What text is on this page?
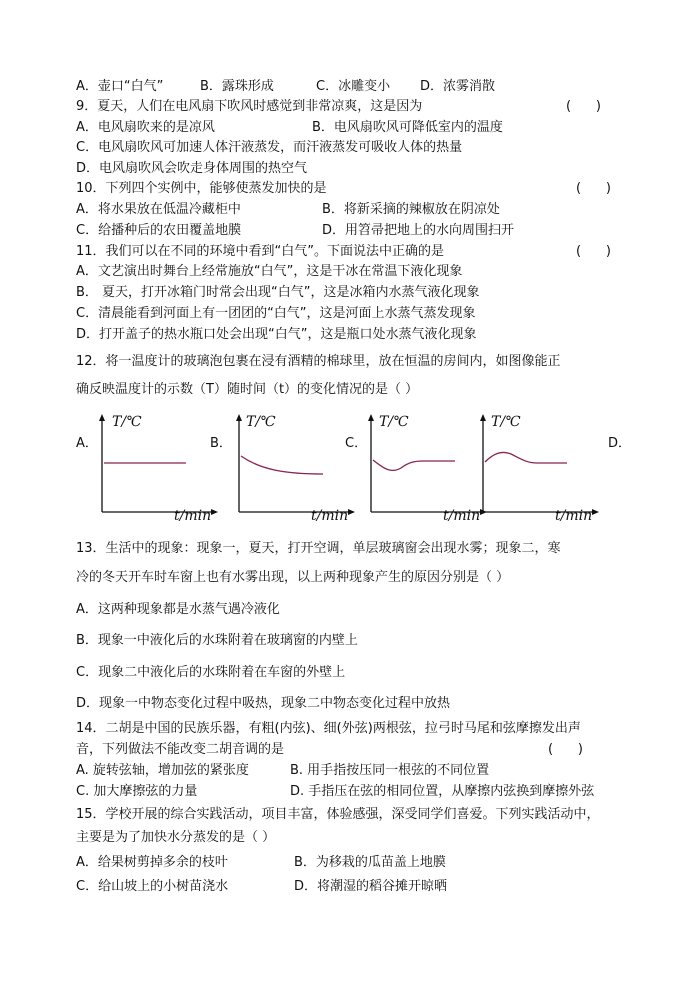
A．壶口“白气”	B．露珠形成	C．冰雕变小 D．浓雾消散
9．夏天，人们在电风扇下吹风时感觉到非常凉爽，这是因为	(      )
A．电风扇吹来的是凉风	B．电风扇吹风可降低室内的温度
C．电风扇吹风可加速人体汗液蒸发，而汗液蒸发可吸收人体的热量
D．电风扇吹风会吹走身体周围的热空气
10．下列四个实例中，能够使蒸发加快的是	(      )
A．将水果放在低温冷藏柜中	B．将新采摘的辣椒放在阴凉处
C．给播种后的农田覆盖地膜	D．用笤帚把地上的水向周围扫开
11．我们可以在不同的环境中看到“白气”。下面说法中正确的是	(      )
A．文艺演出时舞台上经常施放“白气”，这是干冰在常温下液化现象
B． 夏天，打开冰箱门时常会出现“白气”，这是冰箱内水蒸气液化现象
C．清晨能看到河面上有一团团的“白气”，这是河面上水蒸气蒸发现象
D．打开盖子的热水瓶口处会出现“白气”，这是瓶口处水蒸气液化现象
12．将一温度计的玻璃泡包裹在浸有酒精的棉球里，放在恒温的房间内，如图像能正
确反映温度计的示数（T）随时间（t）的变化情况的是（ ）
A．
T/℃
t/min
B．
T/℃
t/min
C．
T/℃
t/min
T/℃
t/min
D．
13．生活中的现象：现象一，夏天，打开空调，单层玻璃窗会出现水雾；现象二，寒
冷的冬天开车时车窗上也有水雾出现，以上两种现象产生的原因分别是（ ）
A．这两种现象都是水蒸气遇冷液化
B．现象一中液化后的水珠附着在玻璃窗的内壁上
C．现象二中液化后的水珠附着在车窗的外壁上
D．现象一中物态变化过程中吸热，现象二中物态变化过程中放热
14．二胡是中国的民族乐器，有粗(内弦)、细(外弦)两根弦，拉弓时马尾和弦摩擦发出声
音，下列做法不能改变二胡音调的是	(      )
A. 旋转弦轴，增加弦的紧张度	B. 用手指按压同一根弦的不同位置
C. 加大摩擦弦的力量	D. 手指压在弦的相同位置，从摩擦内弦换到摩擦外弦
15．学校开展的综合实践活动，项目丰富，体验感强，深受同学们喜爱。下列实践活动中，
主要是为了加快水分蒸发的是（ ）
A．给果树剪掉多余的枝叶	B．为移栽的瓜苗盖上地膜
C．给山坡上的小树苗浇水	D．将潮湿的稻谷摊开晾晒
